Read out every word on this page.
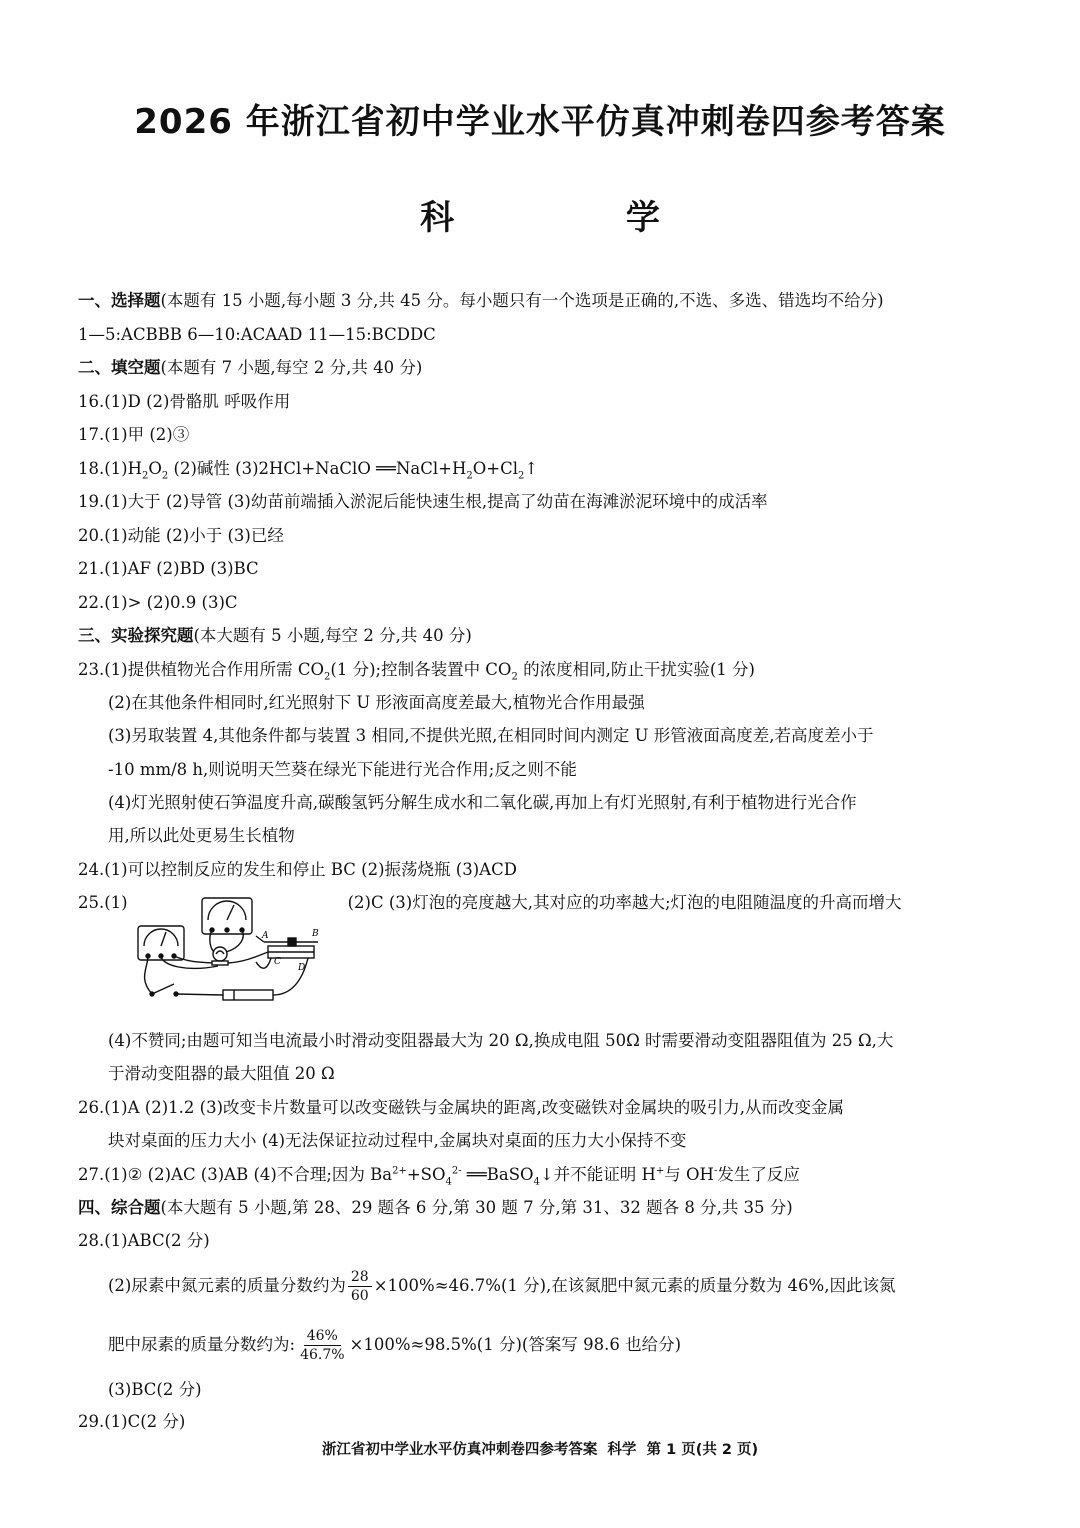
2026 年浙江省初中学业水平仿真冲刺卷四参考答案
科 学
一、选择题(本题有 15 小题,每小题 3 分,共 45 分。每小题只有一个选项是正确的,不选、多选、错选均不给分)
1—5:ACBBB 6—10:ACAAD 11—15:BCDDC
二、填空题(本题有 7 小题,每空 2 分,共 40 分)
16.(1)D (2)骨骼肌 呼吸作用
17.(1)甲 (2)③
$18.(1)H_2O_2$ (2)碱性 (3)2HCl+NaClO $══NaCl+H_2O+Cl_2↑$
19.(1)大于 (2)导管 (3)幼苗前端插入淤泥后能快速生根,提高了幼苗在海滩淤泥环境中的成活率
20.(1)动能 (2)小于 (3)已经
21.(1)AF (2)BD (3)BC
22.(1)> (2)0.9 (3)C
三、实验探究题(本大题有 5 小题,每空 2 分,共 40 分)
23.(1)提供植物光合作用所需 $CO_2(1$ 分);控制各装置中 $CO_2$ 的浓度相同,防止干扰实验(1 分)
(2)在其他条件相同时,红光照射下 U 形液面高度差最大,植物光合作用最强
(3)另取装置 4,其他条件都与装置 3 相同,不提供光照,在相同时间内测定 U 形管液面高度差,若高度差小于
-10 mm/8 h,则说明天竺葵在绿光下能进行光合作用;反之则不能
(4)灯光照射使石笋温度升高,碳酸氢钙分解生成水和二氧化碳,再加上有灯光照射,有利于植物进行光合作
用,所以此处更易生长植物
24.(1)可以控制反应的发生和停止 BC (2)振荡烧瓶 (3)ACD
25.(1)	(2)C (3)灯泡的亮度越大,其对应的功率越大;灯泡的电阻随温度的升高而增大
A	B
C
D
(4)不赞同;由题可知当电流最小时滑动变阻器最大为 20 Ω,换成电阻 50Ω 时需要滑动变阻器阻值为 25 Ω,大
于滑动变阻器的最大阻值 20 Ω
26.(1)A (2)1.2 (3)改变卡片数量可以改变磁铁与金属块的距离,改变磁铁对金属块的吸引力,从而改变金属
块对桌面的压力大小 (4)无法保证拉动过程中,金属块对桌面的压力大小保持不变
27.(1)② (2)AC (3)AB (4)不合理;因为 $Ba^{2+}+SO_4^{2-}$ ══BaSO$_4$↓并不能证明 H+与 OH-发生了反应
四、综合题(本大题有 5 小题,第 28、29 题各 6 分,第 30 题 7 分,第 31、32 题各 8 分,共 35 分)
28.(1)ABC(2 分)
(2)尿素中氮元素的质量分数约为 $\frac{28}{60} \times 100\%\approx 46.7\%(1$ 分),在该氮肥中氮元素的质量分数为 46%,因此该氮
肥中尿素的质量分数约为: $\frac{46\%}{46.7\%} \times 100\%\approx 98.5\%(1$ 分)(答案写 98.6 也给分)
(3)BC(2 分)
29.(1)C(2 分)
浙江省初中学业水平仿真冲刺卷四参考答案  科学  第 1 页(共 2 页)
